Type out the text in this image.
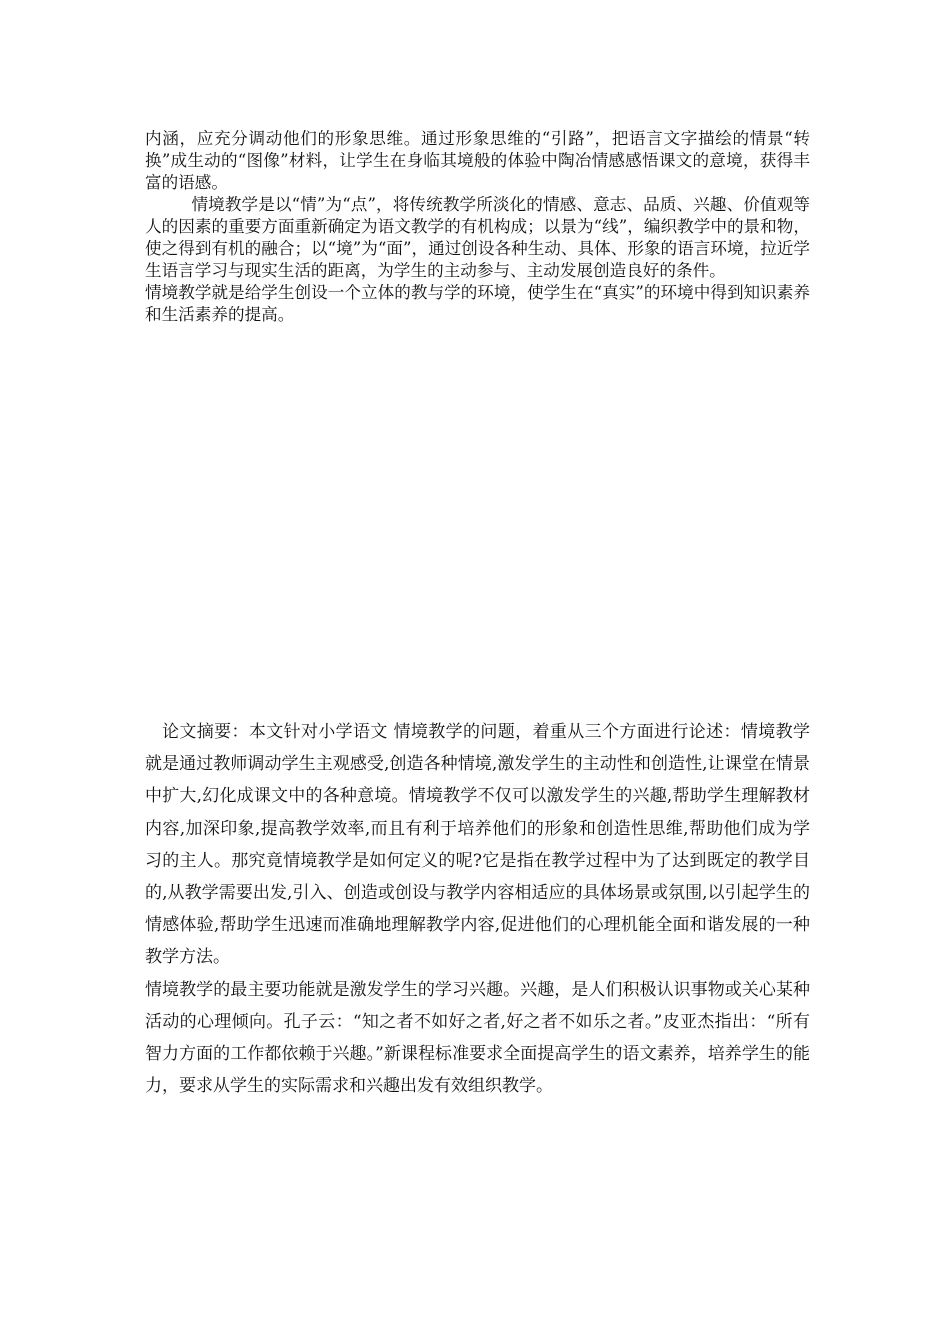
内涵，应充分调动他们的形象思维。通过形象思维的“引路”，把语言文字描绘的情景“转换”成生动的“图像”材料，让学生在身临其境般的体验中陶冶情感感悟课文的意境，获得丰富的语感。

情境教学是以“情”为“点”，将传统教学所淡化的情感、意志、品质、兴趣、价值观等人的因素的重要方面重新确定为语文教学的有机构成；以景为“线”，编织教学中的景和物，使之得到有机的融合；以“境”为“面”，通过创设各种生动、具体、形象的语言环境，拉近学生语言学习与现实生活的距离，为学生的主动参与、主动发展创造良好的条件。

情境教学就是给学生创设一个立体的教与学的环境，使学生在“真实”的环境中得到知识素养和生活素养的提高。

论文摘要：本文针对小学语文 情境教学的问题，着重从三个方面进行论述：情境教学就是通过教师调动学生主观感受,创造各种情境,激发学生的主动性和创造性,让课堂在情景中扩大,幻化成课文中的各种意境。情境教学不仅可以激发学生的兴趣,帮助学生理解教材内容,加深印象,提高教学效率,而且有利于培养他们的形象和创造性思维,帮助他们成为学习的主人。那究竟情境教学是如何定义的呢?它是指在教学过程中为了达到既定的教学目的,从教学需要出发,引入、创造或创设与教学内容相适应的具体场景或氛围,以引起学生的情感体验,帮助学生迅速而准确地理解教学内容,促进他们的心理机能全面和谐发展的一种教学方法。

情境教学的最主要功能就是激发学生的学习兴趣。兴趣，是人们积极认识事物或关心某种活动的心理倾向。孔子云：“知之者不如好之者,好之者不如乐之者。”皮亚杰指出：“所有智力方面的工作都依赖于兴趣。”新课程标准要求全面提高学生的语文素养，培养学生的能力，要求从学生的实际需求和兴趣出发有效组织教学。
